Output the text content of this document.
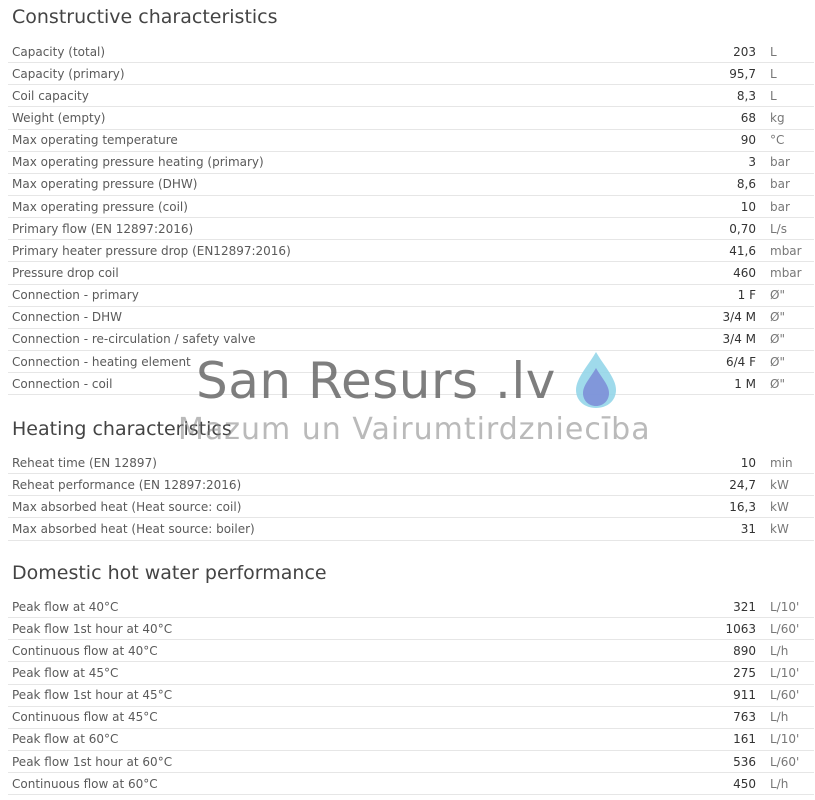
Constructive characteristics
Capacity (total)	203	L
Capacity (primary)	95,7	L
Coil capacity	8,3	L
Weight (empty)	68	kg
Max operating temperature	90	°C
Max operating pressure heating (primary)	3	bar
Max operating pressure (DHW)	8,6	bar
Max operating pressure (coil)	10	bar
Primary flow (EN 12897:2016)	0,70	L/s
Primary heater pressure drop (EN12897:2016)	41,6	mbar
Pressure drop coil	460	mbar
Connection - primary	1 F	Ø"
Connection - DHW	3/4 M	Ø"
Connection - re-circulation / safety valve	3/4 M	Ø"
Connection - heating element	6/4 F	Ø"
Connection - coil	1 M	Ø"
Heating characteristics
Reheat time (EN 12897)	10	min
Reheat performance (EN 12897:2016)	24,7	kW
Max absorbed heat (Heat source: coil)	16,3	kW
Max absorbed heat (Heat source: boiler)	31	kW
Domestic hot water performance
Peak flow at 40°C	321	L/10'
Peak flow 1st hour at 40°C	1063	L/60'
Continuous flow at 40°C	890	L/h
Peak flow at 45°C	275	L/10'
Peak flow 1st hour at 45°C	911	L/60'
Continuous flow at 45°C	763	L/h
Peak flow at 60°C	161	L/10'
Peak flow 1st hour at 60°C	536	L/60'
Continuous flow at 60°C	450	L/h
San Resurs .lv
Mazum un Vairumtirdzniecība
